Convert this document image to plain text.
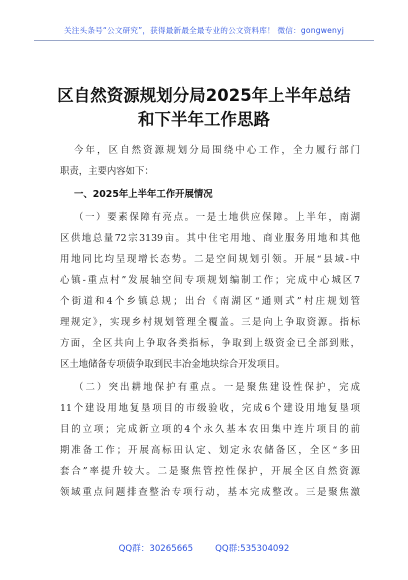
关注头条号“公文研究”，获得最新最全最专业的公文资料库！ 微信：gongwenyj
区自然资源规划分局2025年上半年总结
和下半年工作思路
今年，区自然资源规划分局围绕中心工作，全力履行部门
职责，主要内容如下：
一、2025年上半年工作开展情况
（一）要素保障有亮点。一是土地供应保障。上半年，南湖
区供地总量72宗3139亩。其中住宅用地、商业服务用地和其他
用地同比均呈现增长态势。二是空间规划引领。开展“县域-中
心镇-重点村”发展轴空间专项规划编制工作；完成中心城区7
个街道和4个乡镇总规；出台《南湖区“通则式”村庄规划管
理规定》，实现乡村规划管理全覆盖。三是向上争取资源。指标
方面，全区共向上争取各类指标，争取到上级资金已全部到账，
区土地储备专项债争取到民丰冶金地块综合开发项目。
（二）突出耕地保护有重点。一是聚焦建设性保护，完成
11个建设用地复垦项目的市级验收，完成6个建设用地复垦项
目的立项；完成新立项的4个永久基本农田集中连片项目的前
期准备工作；开展高标田认定、划定永农储备区，全区“多田
套合”率提升较大。二是聚焦管控性保护，开展全区自然资源
领域重点问题排查整治专项行动，基本完成整改。三是聚焦激
QQ群：30265665	QQ群:535304092
